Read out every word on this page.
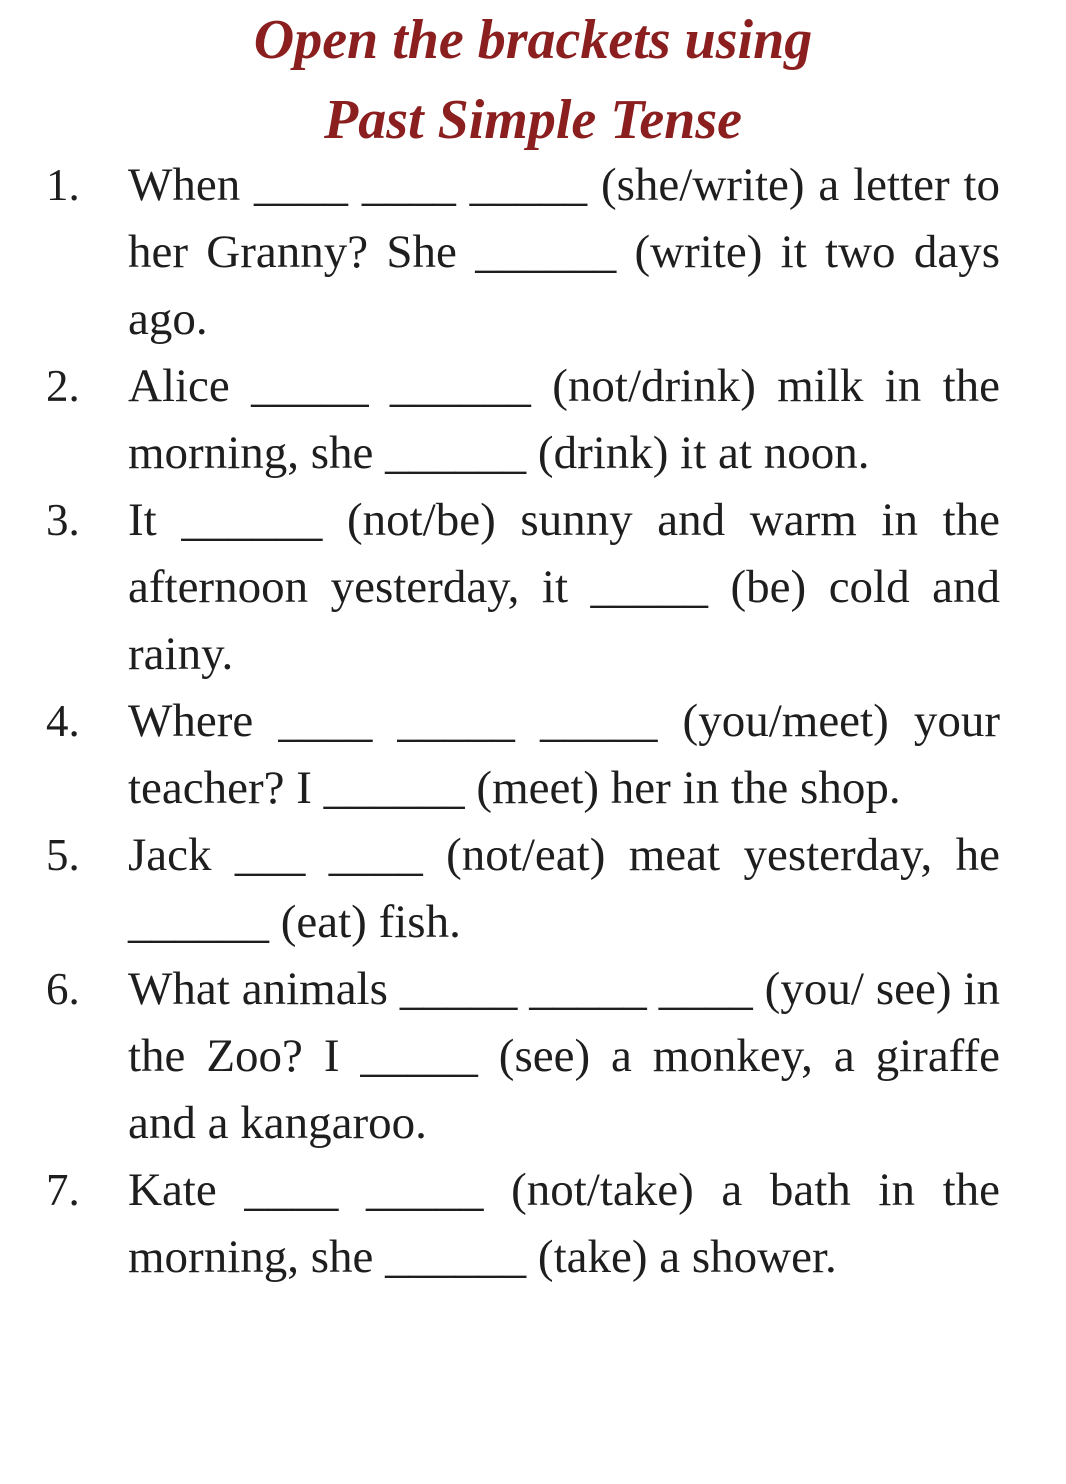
Open the brackets using
Past Simple Tense
1. When ____ ____ _____ (she/write) a letter to her Granny? She ______ (write) it two days ago.
2. Alice _____ ______ (not/drink) milk in the morning, she ______ (drink) it at noon.
3. It ______ (not/be) sunny and warm in the afternoon yesterday, it _____ (be) cold and rainy.
4. Where ____ _____ _____ (you/meet) your teacher? I ______ (meet) her in the shop.
5. Jack ___ ____ (not/eat) meat yesterday, he ______ (eat) fish.
6. What animals _____ _____ ____ (you/ see) in the Zoo? I _____ (see) a monkey, a giraffe and a kangaroo.
7. Kate ____ _____ (not/take) a bath in the morning, she ______ (take) a shower.
